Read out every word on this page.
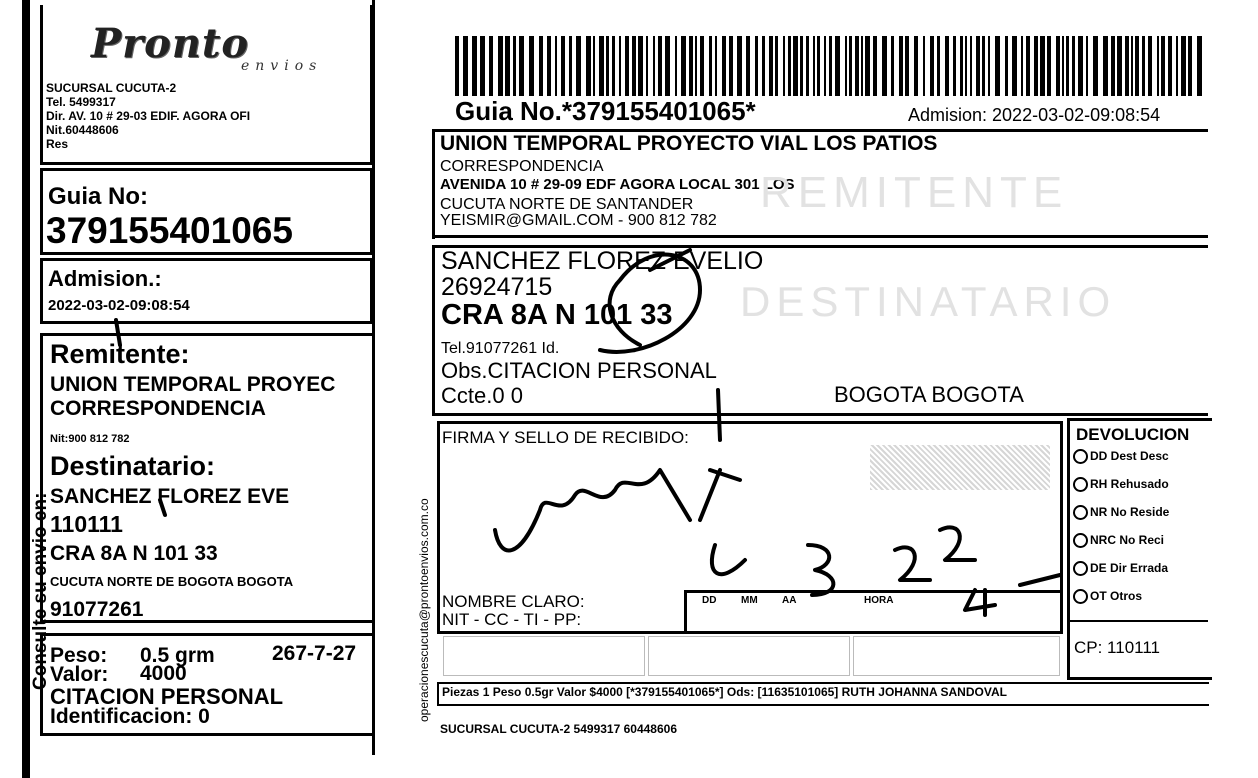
Consulte su envio en:	operacionescucuta@prontoenvios.com.co
Pronto
envios
SUCURSAL CUCUTA-2
Tel. 5499317
Dir. AV. 10 # 29-03 EDIF. AGORA OFI
Nit.60448606
Res
Guia No:
379155401065
Admision.:
2022-03-02-09:08:54
Remitente:
UNION TEMPORAL PROYEC
CORRESPONDENCIA
Nit:900 812 782
Destinatario:
SANCHEZ FLOREZ EVE
110111
CRA 8A N 101 33
CUCUTA NORTE DE BOGOTA BOGOTA
91077261
Peso: 0.5 grm	267-7-27
Valor: 4000
CITACION PERSONAL
Identificacion: 0
Guia No.*379155401065*	Admision: 2022-03-02-09:08:54
UNION TEMPORAL PROYECTO VIAL LOS PATIOS
CORRESPONDENCIA
AVENIDA 10 # 29-09 EDF AGORA LOCAL 301 LOS
CUCUTA NORTE DE SANTANDER
YEISMIR@GMAIL.COM - 900 812 782
REMITENTE
SANCHEZ FLOREZ EVELIO
26924715
CRA 8A N 101 33 DESTINATARIO
Tel.91077261 Id.
Obs.CITACION PERSONAL
Ccte.0 0	BOGOTA BOGOTA
FIRMA Y SELLO DE RECIBIDO:
NOMBRE CLARO:
NIT - CC - TI - PP:
DD MM AA	HORA
DEVOLUCION
DD Dest Desc
RH Rehusado
NR No Reside
NRC No Reci
DE Dir Errada
OT Otros
CP: 110111
Piezas 1 Peso 0.5gr Valor $4000 [*379155401065*] Ods: [11635101065] RUTH JOHANNA SANDOVAL
SUCURSAL CUCUTA-2 5499317 60448606
